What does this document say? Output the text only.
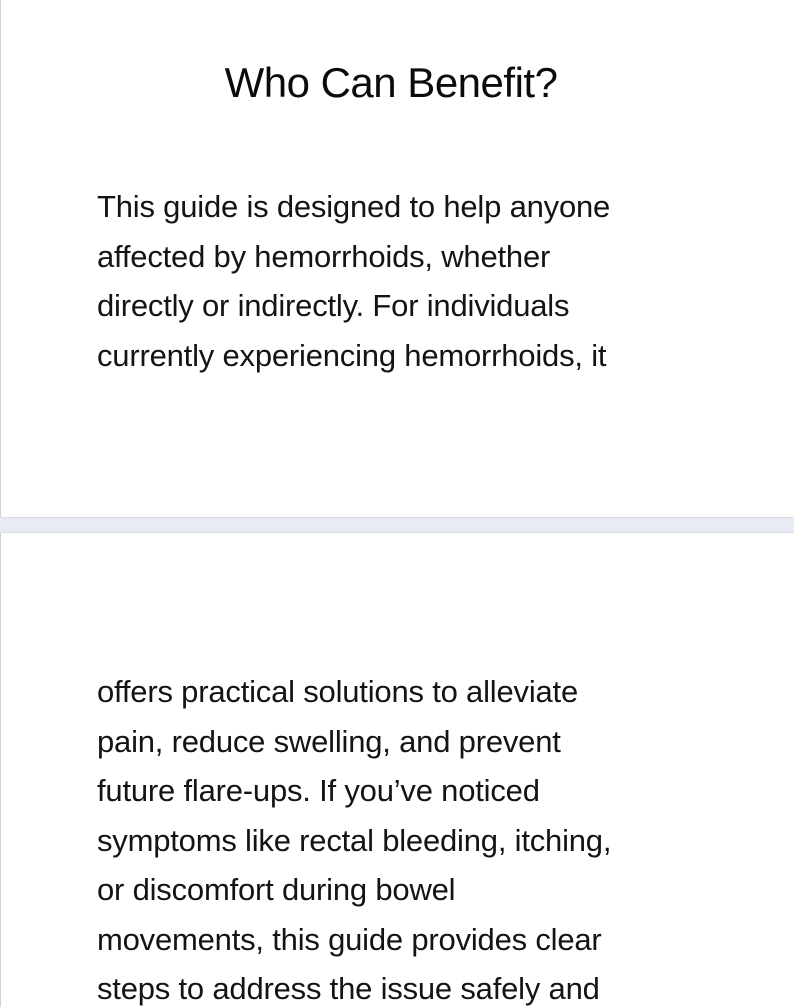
Who Can Benefit?

This guide is designed to help anyone
affected by hemorrhoids, whether
directly or indirectly. For individuals
currently experiencing hemorrhoids, it

offers practical solutions to alleviate
pain, reduce swelling, and prevent
future flare-ups. If you’ve noticed
symptoms like rectal bleeding, itching,
or discomfort during bowel
movements, this guide provides clear
steps to address the issue safely and
